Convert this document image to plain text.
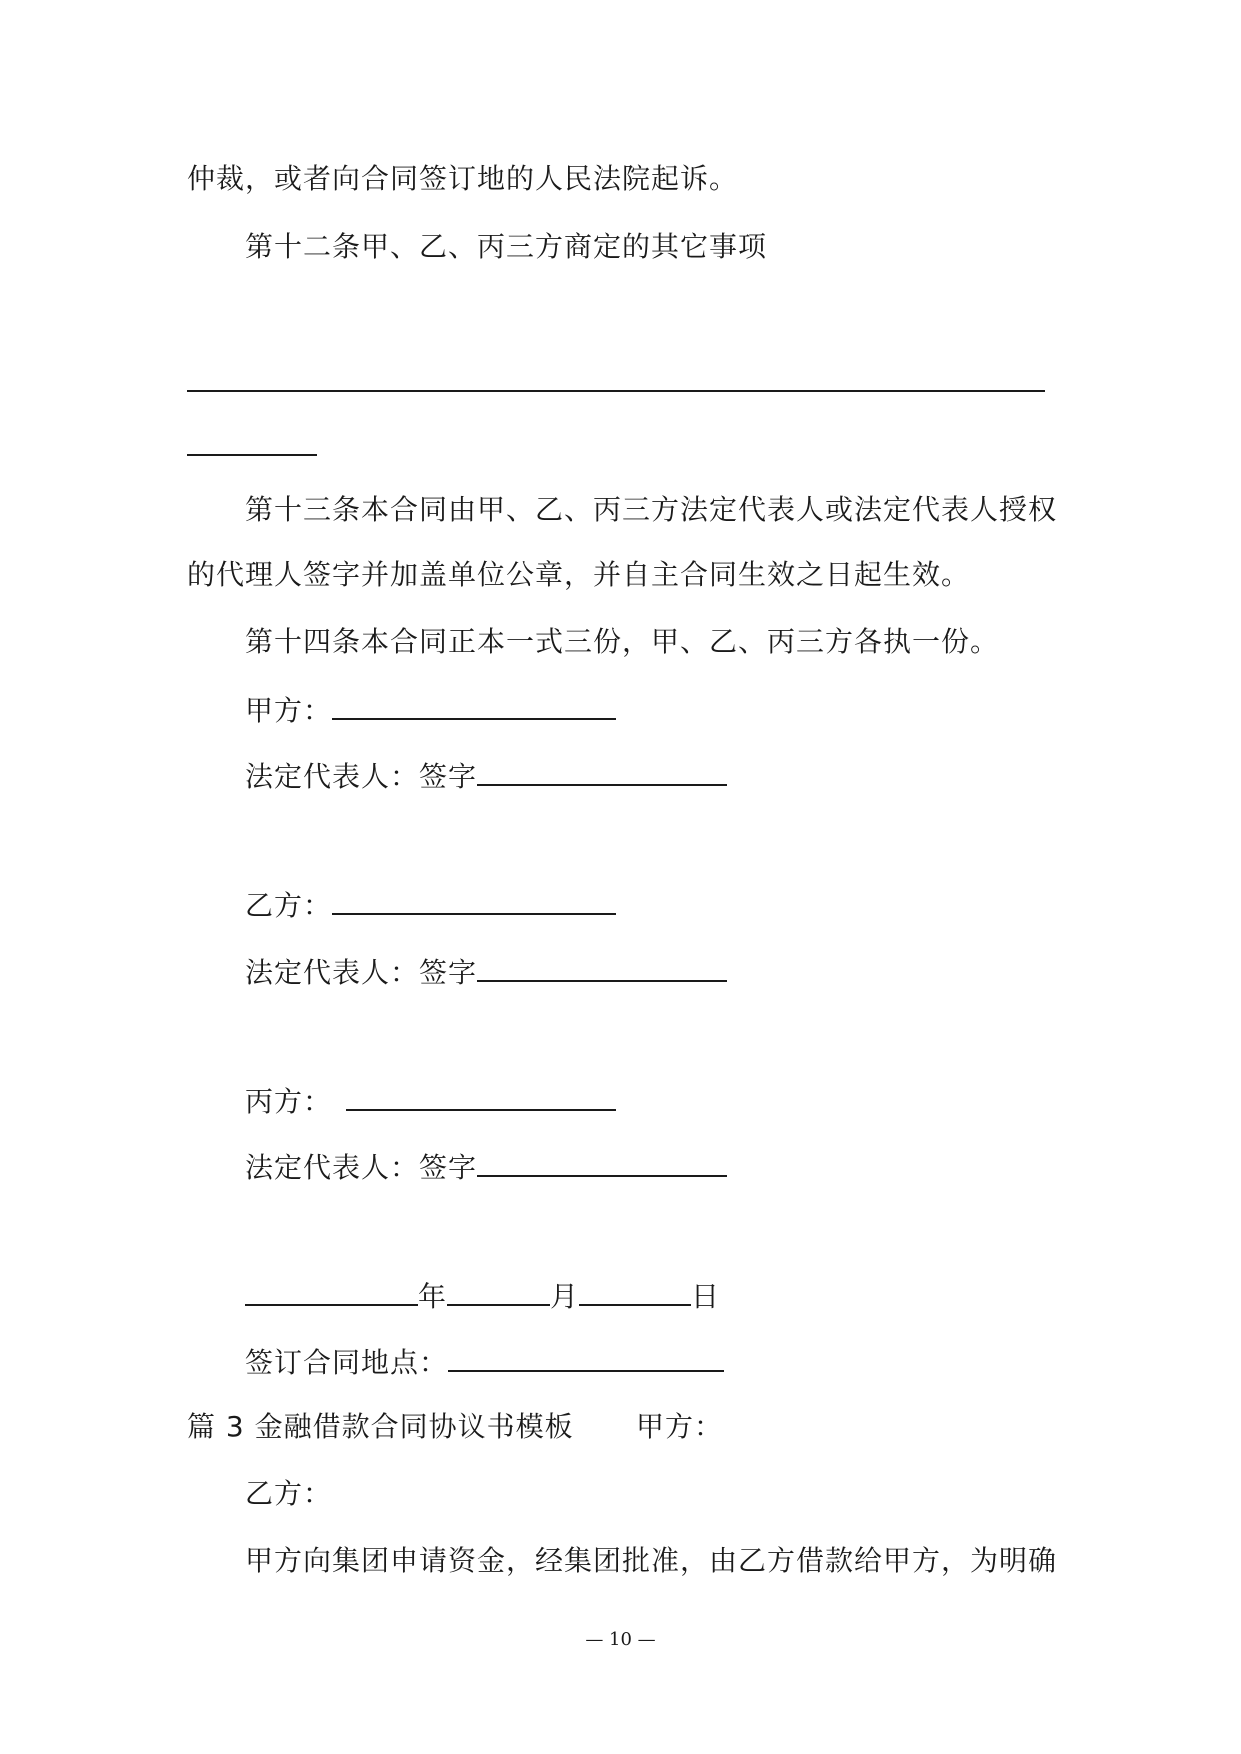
仲裁，或者向合同签订地的人民法院起诉。
第十二条甲、乙、丙三方商定的其它事项
第十三条本合同由甲、乙、丙三方法定代表人或法定代表人授权
的代理人签字并加盖单位公章，并自主合同生效之日起生效。
第十四条本合同正本一式三份，甲、乙、丙三方各执一份。
甲方：
法定代表人：签字
乙方：
法定代表人：签字
丙方：
法定代表人：签字
年	月	日
签订合同地点：
篇 3 金融借款合同协议书模板 甲方：
乙方：
甲方向集团申请资金，经集团批准，由乙方借款给甲方，为明确
— 10 —
